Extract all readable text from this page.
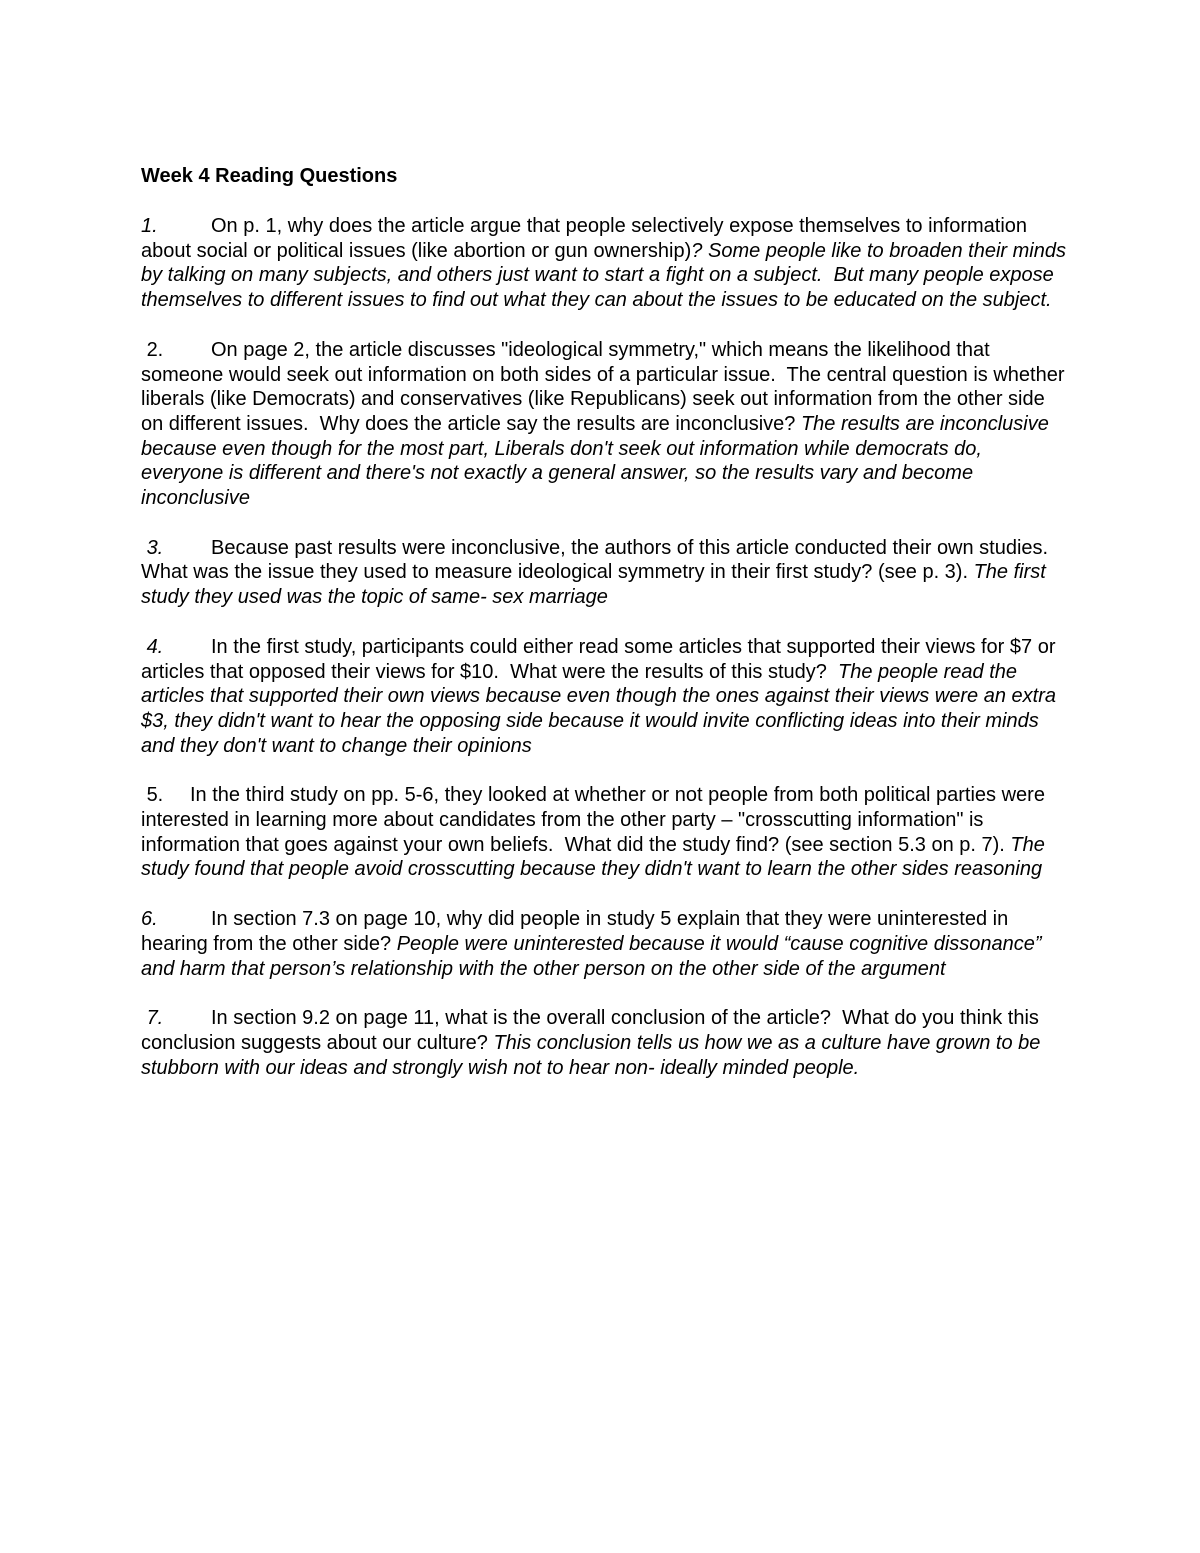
Week 4 Reading Questions
1.	On p. 1, why does the article argue that people selectively expose themselves to information about social or political issues (like abortion or gun ownership)? Some people like to broaden their minds by talking on many subjects, and others just want to start a fight on a subject.  But many people expose themselves to different issues to find out what they can about the issues to be educated on the subject.
2. On page 2, the article discusses "ideological symmetry," which means the likelihood that someone would seek out information on both sides of a particular issue.  The central question is whether liberals (like Democrats) and conservatives (like Republicans) seek out information from the other side on different issues.  Why does the article say the results are inconclusive? The results are inconclusive because even though for the most part, Liberals don't seek out information while democrats do, everyone is different and there's not exactly a general answer, so the results vary and become inconclusive
3. Because past results were inconclusive, the authors of this article conducted their own studies. What was the issue they used to measure ideological symmetry in their first study? (see p. 3). The first study they used was the topic of same- sex marriage
4. In the first study, participants could either read some articles that supported their views for $7 or articles that opposed their views for $10.  What were the results of this study? The people read the articles that supported their own views because even though the ones against their views were an extra $3, they didn't want to hear the opposing side because it would invite conflicting ideas into their minds and they don't want to change their opinions
5. In the third study on pp. 5-6, they looked at whether or not people from both political parties were interested in learning more about candidates from the other party – "crosscutting information" is information that goes against your own beliefs.  What did the study find? (see section 5.3 on p. 7). The study found that people avoid crosscutting because they didn't want to learn the other sides reasoning
6.	In section 7.3 on page 10, why did people in study 5 explain that they were uninterested in hearing from the other side? People were uninterested because it would “cause cognitive dissonance” and harm that person’s relationship with the other person on the other side of the argument
7. In section 9.2 on page 11, what is the overall conclusion of the article?  What do you think this conclusion suggests about our culture? This conclusion tells us how we as a culture have grown to be stubborn with our ideas and strongly wish not to hear non- ideally minded people.
